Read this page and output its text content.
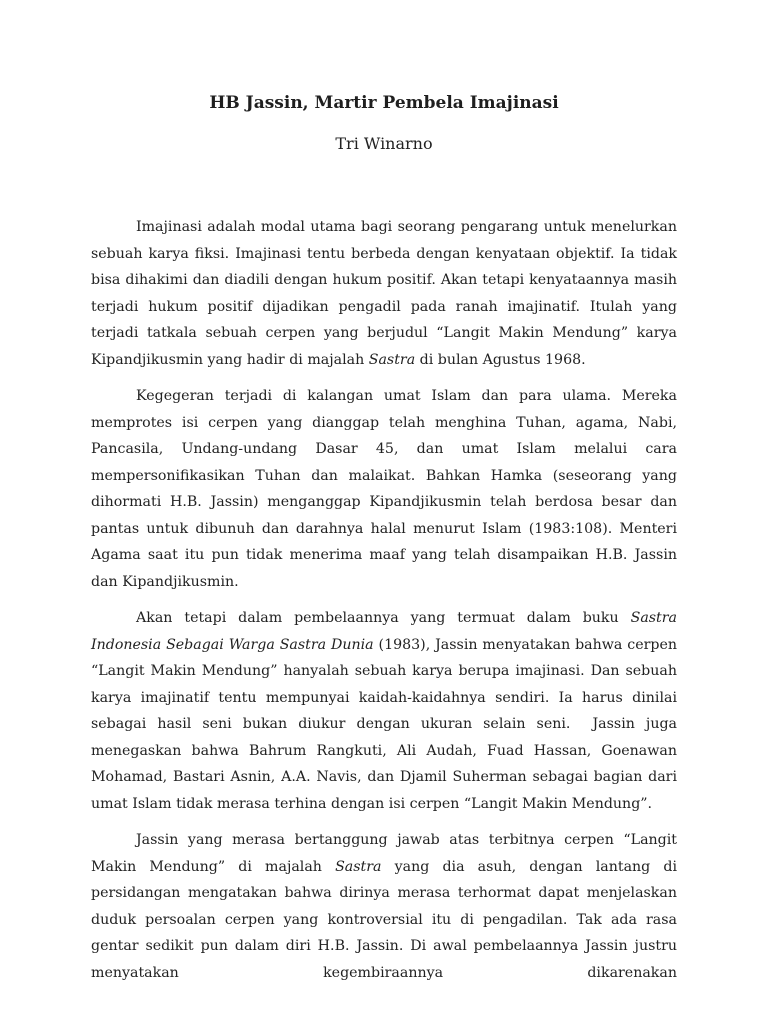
HB Jassin, Martir Pembela Imajinasi

Tri Winarno

Imajinasi adalah modal utama bagi seorang pengarang untuk menelurkan sebuah karya fiksi. Imajinasi tentu berbeda dengan kenyataan objektif. Ia tidak bisa dihakimi dan diadili dengan hukum positif. Akan tetapi kenyataannya masih terjadi hukum positif dijadikan pengadil pada ranah imajinatif. Itulah yang terjadi tatkala sebuah cerpen yang berjudul “Langit Makin Mendung” karya Kipandjikusmin yang hadir di majalah Sastra di bulan Agustus 1968.

Kegegeran terjadi di kalangan umat Islam dan para ulama. Mereka memprotes isi cerpen yang dianggap telah menghina Tuhan, agama, Nabi, Pancasila, Undang-undang Dasar 45, dan umat Islam melalui cara mempersonifikasikan Tuhan dan malaikat. Bahkan Hamka (seseorang yang dihormati H.B. Jassin) menganggap Kipandjikusmin telah berdosa besar dan pantas untuk dibunuh dan darahnya halal menurut Islam (1983:108). Menteri Agama saat itu pun tidak menerima maaf yang telah disampaikan H.B. Jassin dan Kipandjikusmin.

Akan tetapi dalam pembelaannya yang termuat dalam buku Sastra Indonesia Sebagai Warga Sastra Dunia (1983), Jassin menyatakan bahwa cerpen “Langit Makin Mendung” hanyalah sebuah karya berupa imajinasi. Dan sebuah karya imajinatif tentu mempunyai kaidah-kaidahnya sendiri. Ia harus dinilai sebagai hasil seni bukan diukur dengan ukuran selain seni.  Jassin juga menegaskan bahwa Bahrum Rangkuti, Ali Audah, Fuad Hassan, Goenawan Mohamad, Bastari Asnin, A.A. Navis, dan Djamil Suherman sebagai bagian dari umat Islam tidak merasa terhina dengan isi cerpen “Langit Makin Mendung”.

Jassin yang merasa bertanggung jawab atas terbitnya cerpen “Langit Makin Mendung” di majalah Sastra yang dia asuh, dengan lantang di persidangan mengatakan bahwa dirinya merasa terhormat dapat menjelaskan duduk persoalan cerpen yang kontroversial itu di pengadilan. Tak ada rasa gentar sedikit pun dalam diri H.B. Jassin. Di awal pembelaannya Jassin justru menyatakan kegembiraannya dikarenakan
